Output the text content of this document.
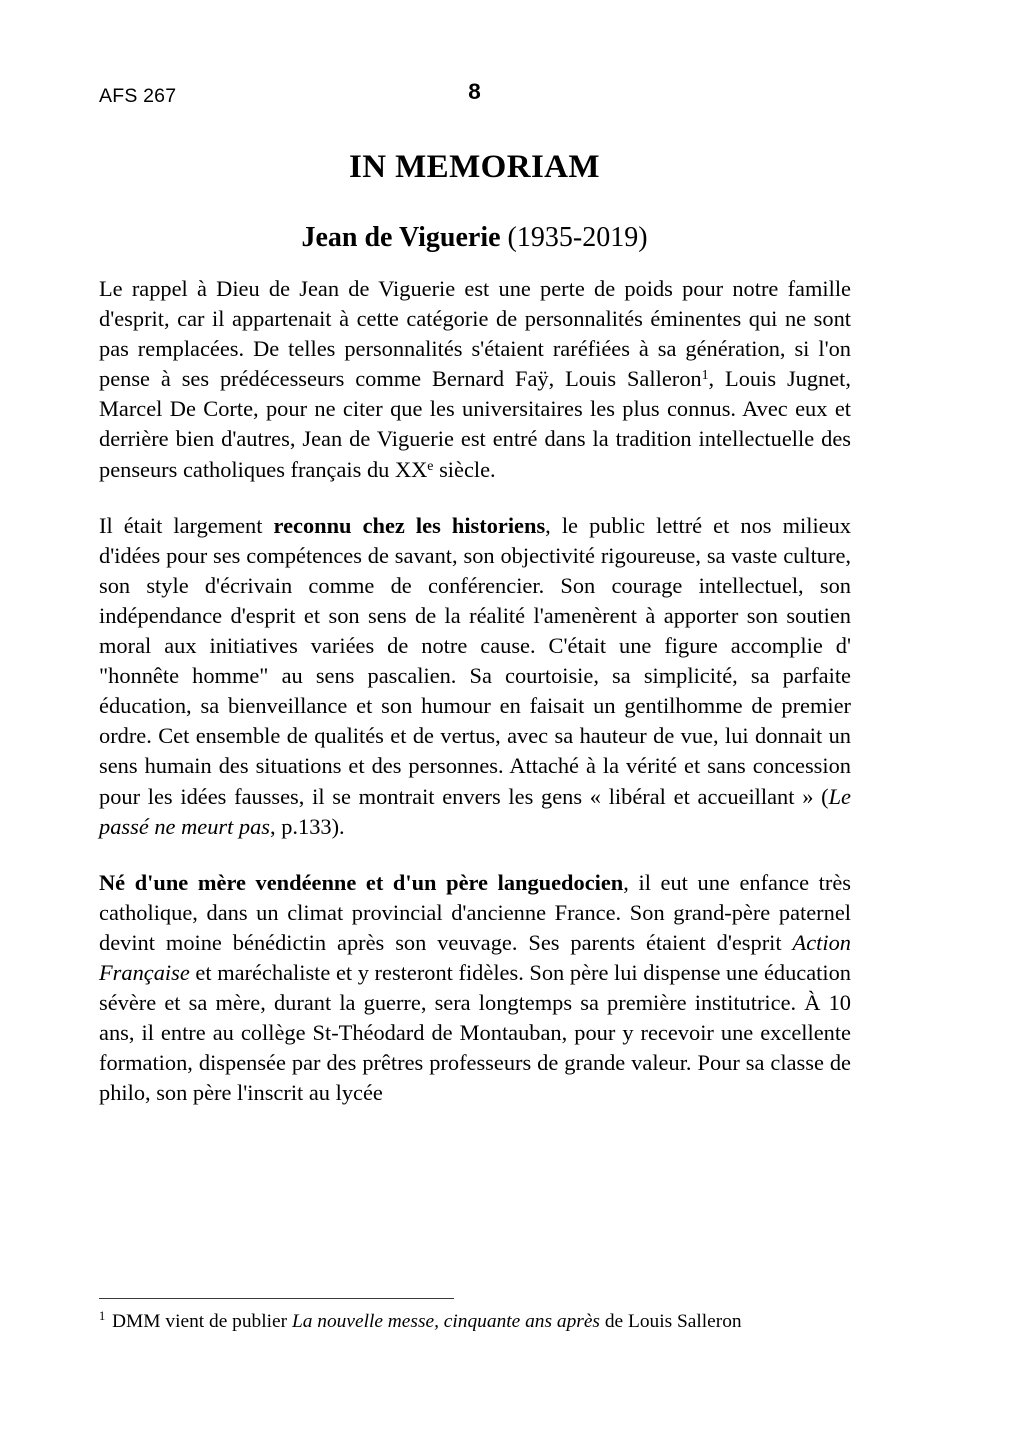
AFS 267	8
IN MEMORIAM
Jean de Viguerie (1935-2019)

Le rappel à Dieu de Jean de Viguerie est une perte de poids pour notre famille d'esprit, car il appartenait à cette catégorie de personnalités éminentes qui ne sont pas remplacées. De telles personnalités s'étaient raréfiées à sa génération, si l'on pense à ses prédécesseurs comme Bernard Faÿ, Louis Salleron$^1$, Louis Jugnet, Marcel De Corte, pour ne citer que les universitaires les plus connus. Avec eux et derrière bien d'autres, Jean de Viguerie est entré dans la tradition intellectuelle des penseurs catholiques français du XXe siècle.

Il était largement reconnu chez les historiens, le public lettré et nos milieux d'idées pour ses compétences de savant, son objectivité rigoureuse, sa vaste culture, son style d'écrivain comme de conférencier. Son courage intellectuel, son indépendance d'esprit et son sens de la réalité l'amenèrent à apporter son soutien moral aux initiatives variées de notre cause. C'était une figure accomplie d' "honnête homme" au sens pascalien. Sa courtoisie, sa simplicité, sa parfaite éducation, sa bienveillance et son humour en faisait un gentilhomme de premier ordre. Cet ensemble de qualités et de vertus, avec sa hauteur de vue, lui donnait un sens humain des situations et des personnes. Attaché à la vérité et sans concession pour les idées fausses, il se montrait envers les gens « libéral et accueillant » (Le passé ne meurt pas, p.133).

Né d'une mère vendéenne et d'un père languedocien, il eut une enfance très catholique, dans un climat provincial d'ancienne France. Son grand-père paternel devint moine bénédictin après son veuvage. Ses parents étaient d'esprit Action Française et maréchaliste et y resteront fidèles. Son père lui dispense une éducation sévère et sa mère, durant la guerre, sera longtemps sa première institutrice. À 10 ans, il entre au collège St-Théodard de Montauban, pour y recevoir une excellente formation, dispensée par des prêtres professeurs de grande valeur. Pour sa classe de philo, son père l'inscrit au lycée

$^1$ DMM vient de publier La nouvelle messe, cinquante ans après de Louis Salleron
